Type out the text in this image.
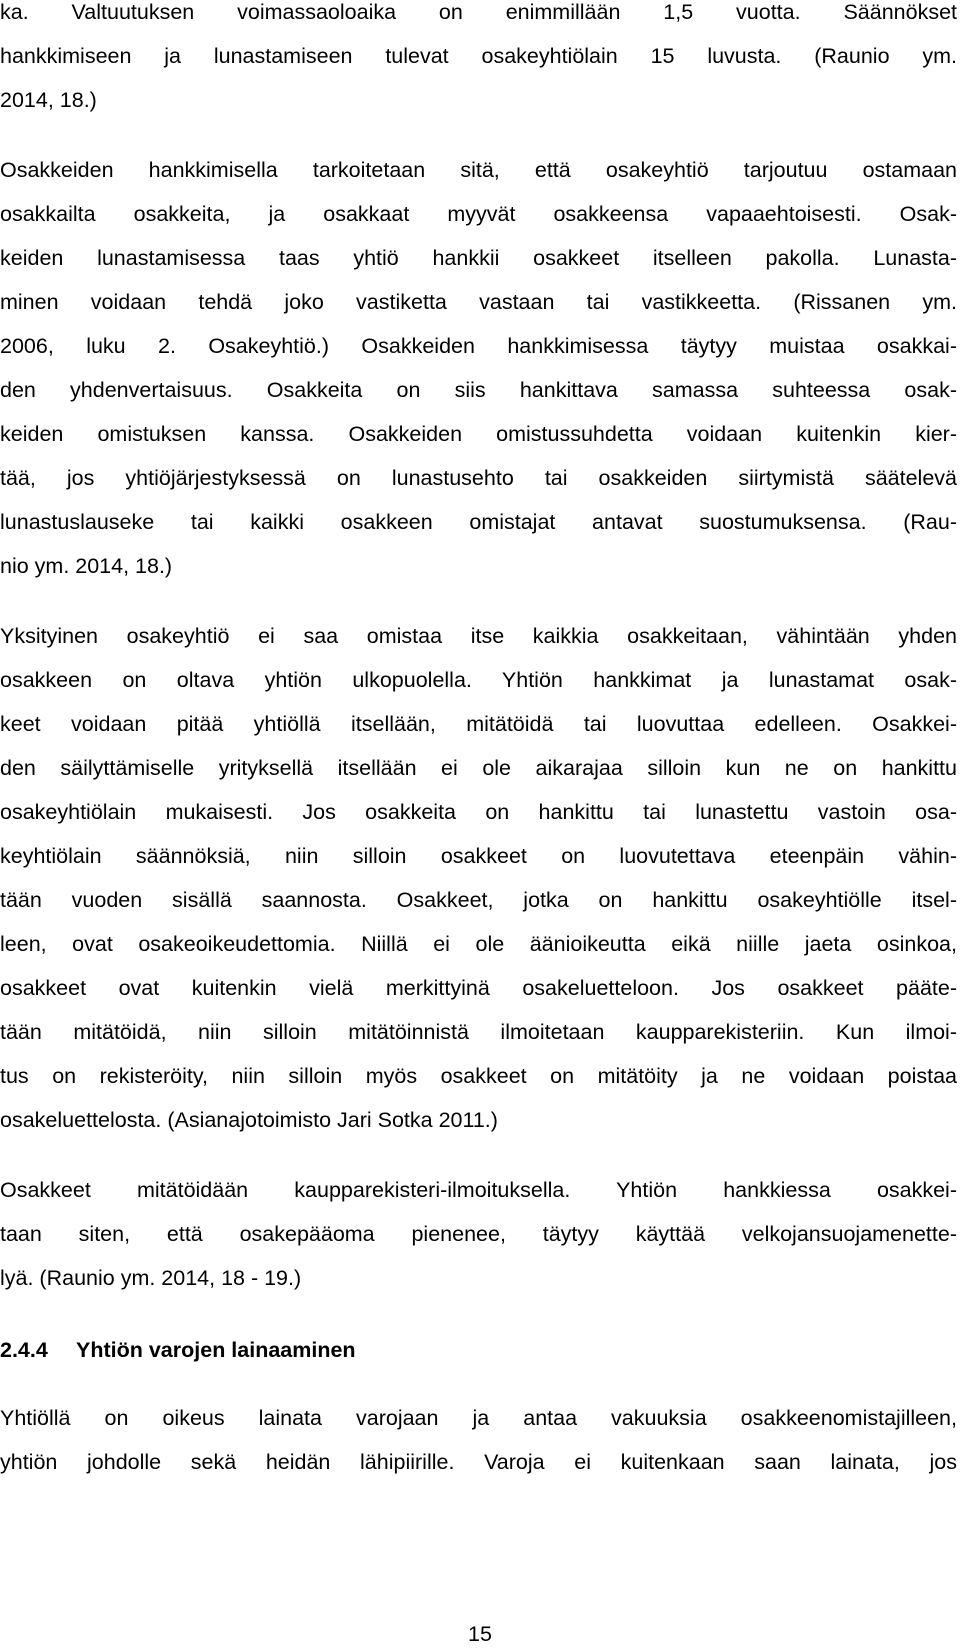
ka. Valtuutuksen voimassaoloaika on enimmillään 1,5 vuotta. Säännökset
hankkimiseen ja lunastamiseen tulevat osakeyhtiölain 15 luvusta. (Raunio ym.
2014, 18.)
Osakkeiden hankkimisella tarkoitetaan sitä, että osakeyhtiö tarjoutuu ostamaan
osakkailta osakkeita, ja osakkaat myyvät osakkeensa vapaaehtoisesti. Osak-
keiden lunastamisessa taas yhtiö hankkii osakkeet itselleen pakolla. Lunasta-
minen voidaan tehdä joko vastiketta vastaan tai vastikkeetta. (Rissanen ym.
2006, luku 2. Osakeyhtiö.) Osakkeiden hankkimisessa täytyy muistaa osakkai-
den yhdenvertaisuus. Osakkeita on siis hankittava samassa suhteessa osak-
keiden omistuksen kanssa. Osakkeiden omistussuhdetta voidaan kuitenkin kier-
tää, jos yhtiöjärjestyksessä on lunastusehto tai osakkeiden siirtymistä säätelevä
lunastuslauseke tai kaikki osakkeen omistajat antavat suostumuksensa. (Rau-
nio ym. 2014, 18.)
Yksityinen osakeyhtiö ei saa omistaa itse kaikkia osakkeitaan, vähintään yhden
osakkeen on oltava yhtiön ulkopuolella. Yhtiön hankkimat ja lunastamat osak-
keet voidaan pitää yhtiöllä itsellään, mitätöidä tai luovuttaa edelleen. Osakkei-
den säilyttämiselle yrityksellä itsellään ei ole aikarajaa silloin kun ne on hankittu
osakeyhtiölain mukaisesti. Jos osakkeita on hankittu tai lunastettu vastoin osa-
keyhtiölain säännöksiä, niin silloin osakkeet on luovutettava eteenpäin vähin-
tään vuoden sisällä saannosta. Osakkeet, jotka on hankittu osakeyhtiölle itsel-
leen, ovat osakeoikeudettomia. Niillä ei ole äänioikeutta eikä niille jaeta osinkoa,
osakkeet ovat kuitenkin vielä merkittyinä osakeluetteloon. Jos osakkeet pääte-
tään mitätöidä, niin silloin mitätöinnistä ilmoitetaan kaupparekisteriin. Kun ilmoi-
tus on rekisteröity, niin silloin myös osakkeet on mitätöity ja ne voidaan poistaa
osakeluettelosta. (Asianajotoimisto Jari Sotka 2011.)
Osakkeet mitätöidään kaupparekisteri-ilmoituksella. Yhtiön hankkiessa osakkei-
taan siten, että osakepääoma pienenee, täytyy käyttää velkojansuojamenette-
lyä. (Raunio ym. 2014, 18 - 19.)
2.4.4 Yhtiön varojen lainaaminen
Yhtiöllä on oikeus lainata varojaan ja antaa vakuuksia osakkeenomistajilleen,
yhtiön johdolle sekä heidän lähipiirille. Varoja ei kuitenkaan saan lainata, jos
15
